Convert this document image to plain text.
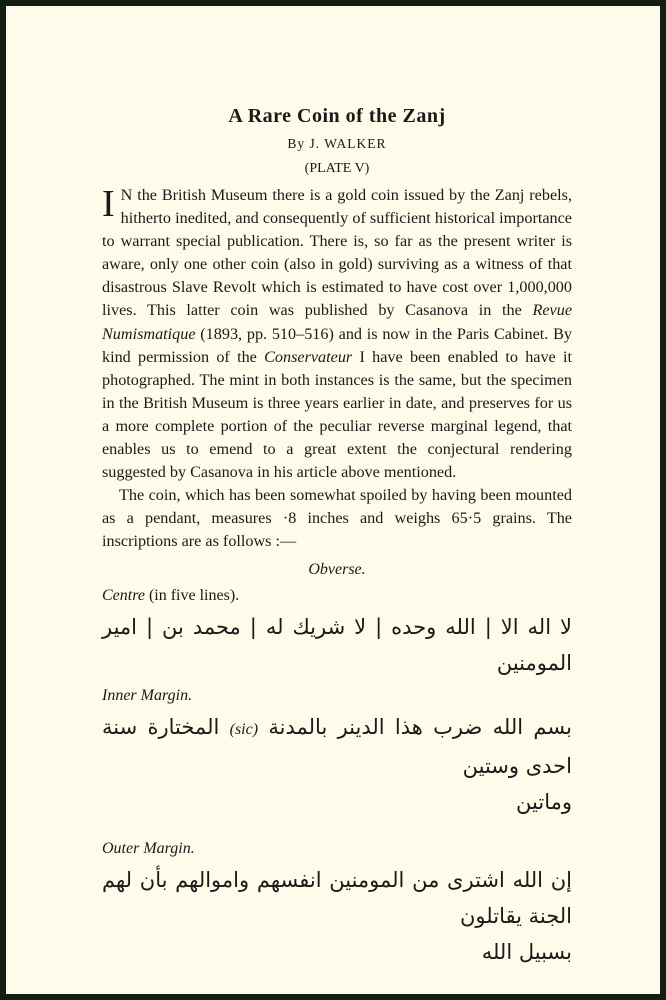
A Rare Coin of the Zanj
By J. WALKER
(PLATE V)

I N the British Museum there is a gold coin issued by the Zanj rebels, hitherto inedited, and consequently of sufficient historical importance to warrant special publication. There is, so far as the present writer is aware, only one other coin (also in gold) surviving as a witness of that disastrous Slave Revolt which is estimated to have cost over 1,000,000 lives. This latter coin was published by Casanova in the Revue Numismatique (1893, pp. 510–516) and is now in the Paris Cabinet. By kind permission of the Conservateur I have been enabled to have it photographed. The mint in both instances is the same, but the specimen in the British Museum is three years earlier in date, and preserves for us a more complete portion of the peculiar reverse marginal legend, that enables us to emend to a great extent the conjectural rendering suggested by Casanova in his article above mentioned.

The coin, which has been somewhat spoiled by having been mounted as a pendant, measures ·8 inches and weighs 65·5 grains. The inscriptions are as follows :—

Obverse.
Centre (in five lines).
لا اله الا | الله وحده | لا شريك له | محمد بن | امير المومنين
Inner Margin.
بسم الله ضرب هذا الدينر بالمدنة (sic) المختارة سنة احدى وستين
وماتين
Outer Margin.
إن الله اشترى من المومنين انفسهم واموالهم بأن لهم الجنة يقاتلون
بسبيل الله
